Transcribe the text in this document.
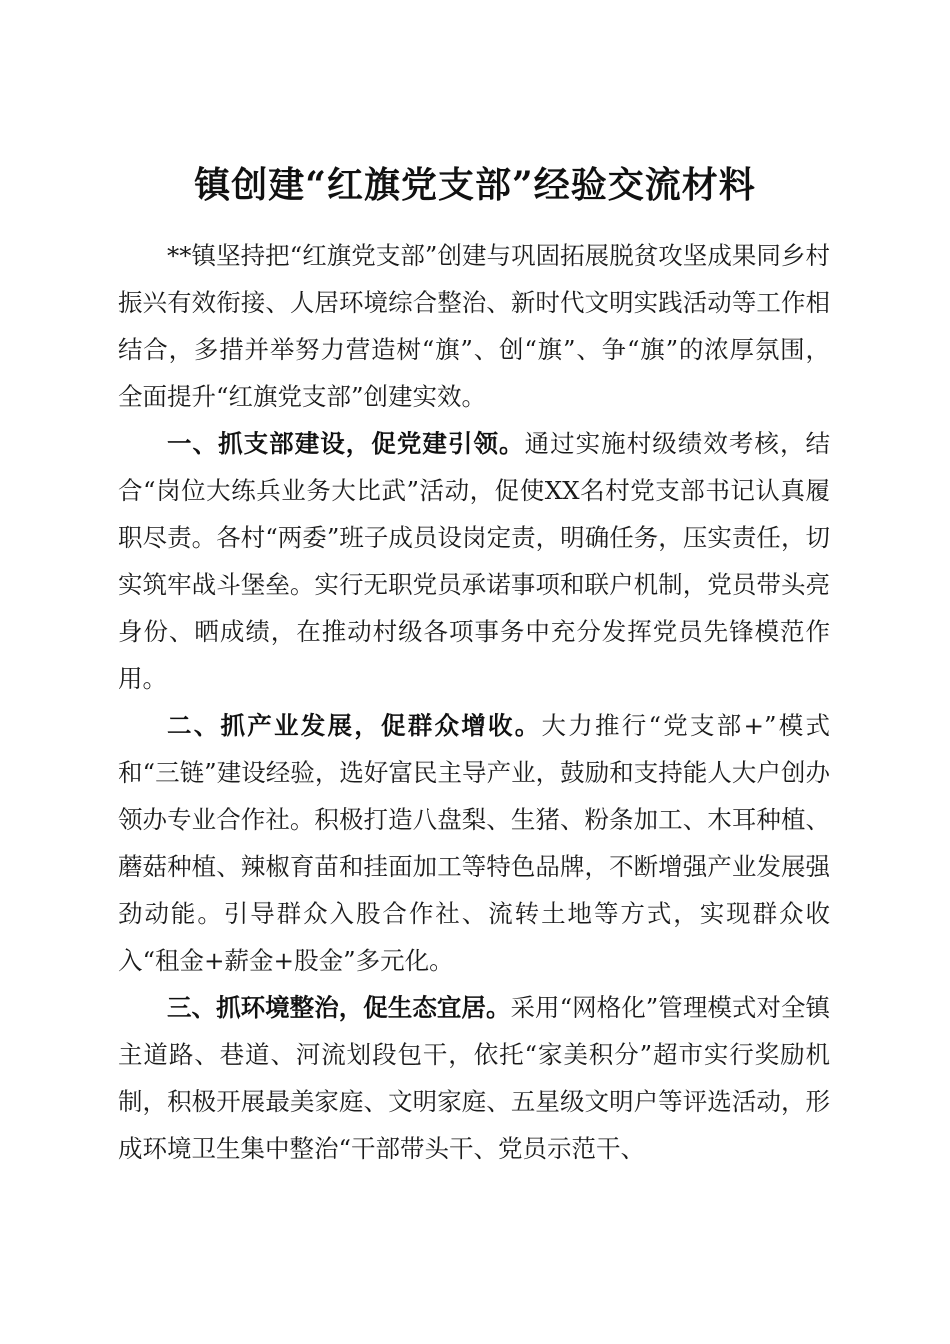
镇创建“红旗党支部”经验交流材料

**镇坚持把“红旗党支部”创建与巩固拓展脱贫攻坚成果同乡村振兴有效衔接、人居环境综合整治、新时代文明实践活动等工作相结合，多措并举努力营造树“旗”、创“旗”、争“旗”的浓厚氛围，全面提升“红旗党支部”创建实效。

一、抓支部建设，促党建引领。通过实施村级绩效考核，结合“岗位大练兵业务大比武”活动，促使XX名村党支部书记认真履职尽责。各村“两委”班子成员设岗定责，明确任务，压实责任，切实筑牢战斗堡垒。实行无职党员承诺事项和联户机制，党员带头亮身份、晒成绩，在推动村级各项事务中充分发挥党员先锋模范作用。

二、抓产业发展，促群众增收。大力推行“党支部+”模式和“三链”建设经验，选好富民主导产业，鼓励和支持能人大户创办领办专业合作社。积极打造八盘梨、生猪、粉条加工、木耳种植、蘑菇种植、辣椒育苗和挂面加工等特色品牌，不断增强产业发展强劲动能。引导群众入股合作社、流转土地等方式，实现群众收入“租金+薪金+股金”多元化。

三、抓环境整治，促生态宜居。采用“网格化”管理模式对全镇主道路、巷道、河流划段包干，依托“家美积分”超市实行奖励机制，积极开展最美家庭、文明家庭、五星级文明户等评选活动，形成环境卫生集中整治“干部带头干、党员示范干、
